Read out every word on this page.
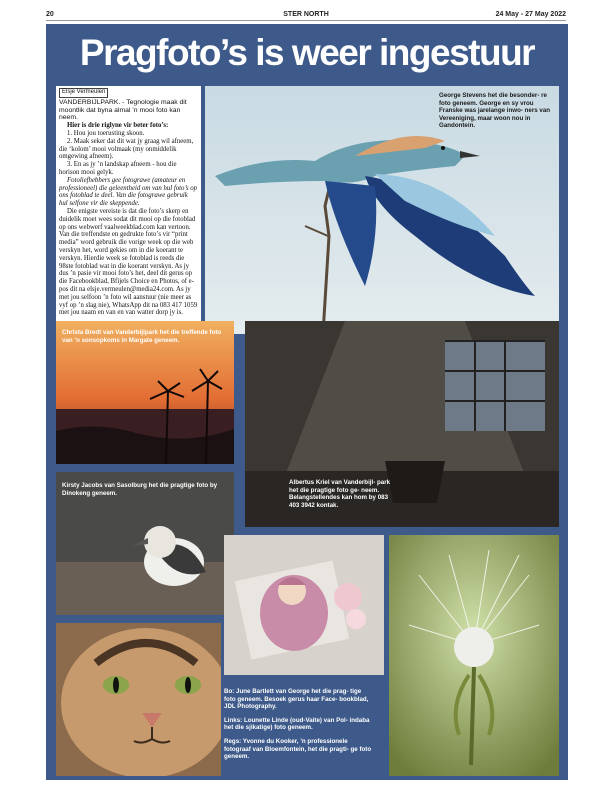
20	STER NORTH	24 May - 27 May 2022
Pragfoto’s is weer ingestuur
Elsje Vermeulen

VANDERBIJLPARK. - Tegnologie maak dit moontlik dat byna almal ’n mooi foto kan neem.

Hier is drie riglyne vir beter foto’s:

1. Hou jou toerusting skoon.

2. Maak seker dat dit wat jy graag wil afneem, die ‘kolom’ mooi volmaak (my onmiddelik omgewing afneem).

3. En as jy ’n landskap afneem - hou die horison mooi gelyk.

Fotoliefhebbers gee fotograwe (amateur en professioneel) die geleentheid om van hul foto’s op ons fotoblad te deel. Van die fotograwe gebruik hul selfone vir die skeppende.

Die enigste vereiste is dat die foto’s skerp en duidelik moet wees sodat dit mooi op die fotoblad op ons webwerf vaalweekblad.com kan vertoon. Van die treffendste en gedrukte foto’s vir “print media” word gebruik die vorige week op die web verskyn het, word gekies om in die koerant te verskyn. Hierdie week se fotoblad is reeds die 98ste fotoblad wat in die koerant verskyn. As jy dus ’n pasie vir mooi foto’s het, deel dit gerus op die Facebookblad, Bfijels Choice en Photos, of e-pos dit na elsje.vermeulen@media24.com. As jy met jou selfoon ’n foto wil aanstuur (nie meer as vyf op ’n slag nie), WhatsApp dit na 083 417 1059 met jou naam en van en van watter dorp jy is.

George Stevens het die besonder- re foto geneem. George en sy vrou Franske was jarelange inwo- ners van Vereeniging, maar woon nou in Gandontein.
Christa Bredt van Vanderbijlpark het die treffende foto van ’n sonsopkoms in Margate geneem.
Albertus Kriel van Vanderbijl- park het die pragtige foto ge- neem. Belangstellendes kan hom by 083 403 3942 kontak.
Kirsty Jacobs van Sasolburg het die pragtige foto by Dinokeng geneem.

Bo: June Bartlett van George het die prag- tige foto geneem. Besoek gerus haar Face- bookblad, JDL Photography.

Links: Lounette Linde (oud-Vaite) van Pol- indaba het die sjikatige) foto geneem.

Regs: Yvonne du Kooker, ’n professionele fotograaf van Bloemfontein, het die pragti- ge foto geneem.
